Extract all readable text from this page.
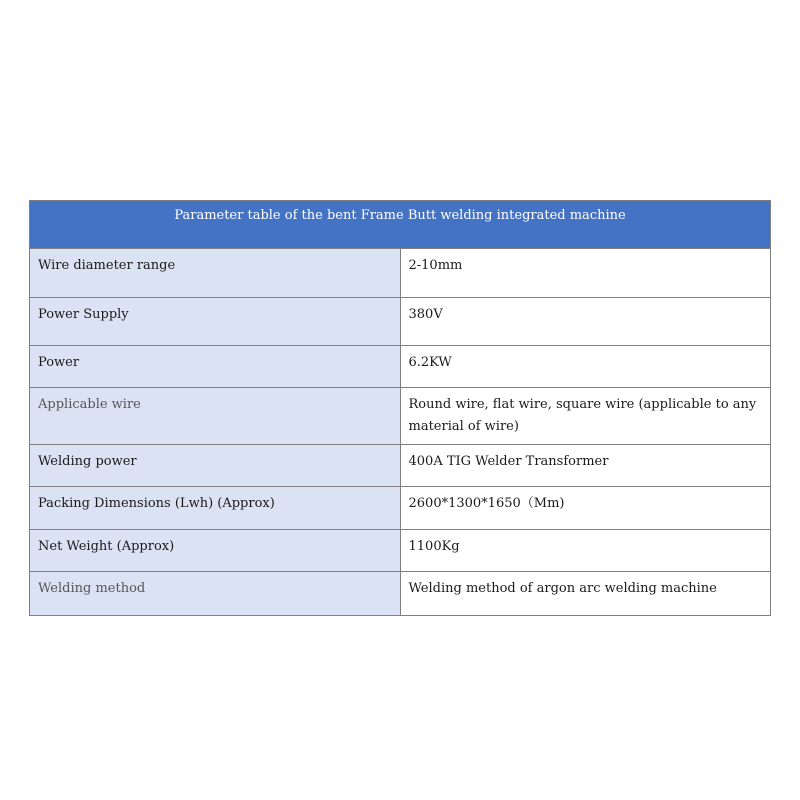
Parameter table of the bent Frame Butt welding integrated machine	
Wire diameter range	2-10mm
Power Supply	380V
Power	6.2KW
Applicable wire	Round wire, flat wire, square wire (applicable to any material of wire)
Welding power	400A TIG Welder Transformer
Packing Dimensions (Lwh) (Approx)	2600*1300*1650（Mm)
Net Weight (Approx)	1100Kg
Welding method	Welding method of argon arc welding machine
